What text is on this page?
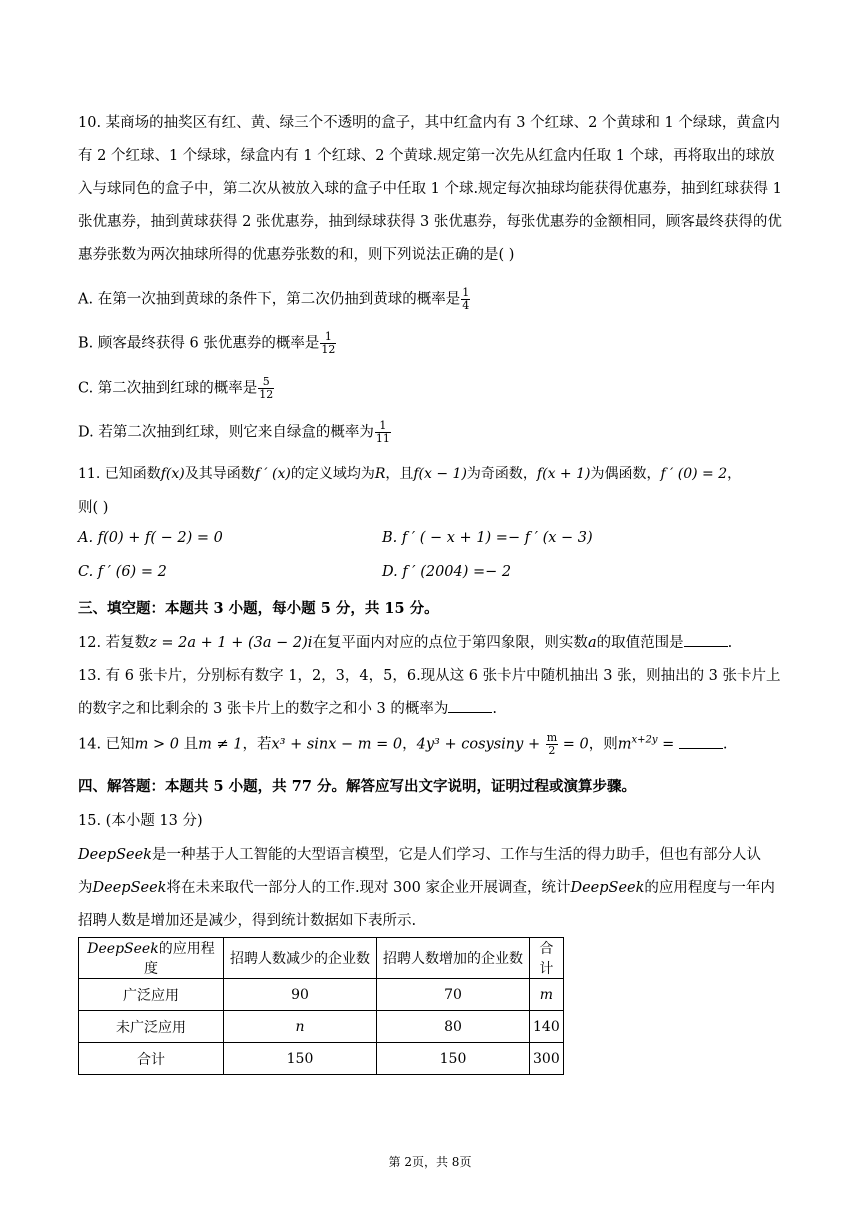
10. 某商场的抽奖区有红、黄、绿三个不透明的盒子，其中红盒内有 3 个红球、2 个黄球和 1 个绿球，黄盒内有 2 个红球、1 个绿球，绿盒内有 1 个红球、2 个黄球.规定第一次先从红盒内任取 1 个球，再将取出的球放入与球同色的盒子中，第二次从被放入球的盒子中任取 1 个球.规定每次抽球均能获得优惠券，抽到红球获得 1 张优惠券，抽到黄球获得 2 张优惠券，抽到绿球获得 3 张优惠券，每张优惠券的金额相同，顾客最终获得的优惠券张数为两次抽球所得的优惠券张数的和，则下列说法正确的是( )
A. 在第一次抽到黄球的条件下，第二次仍抽到黄球的概率是 $\frac{1}{4}$
B. 顾客最终获得 6 张优惠券的概率是 $\frac{1}{12}$
C. 第二次抽到红球的概率是 $\frac{5}{12}$
D. 若第二次抽到红球，则它来自绿盒的概率为 $\frac{1}{11}$
11. 已知函数f(x)及其导函数f ′ (x)的定义域均为R，且f(x − 1)为奇函数，f(x + 1)为偶函数，f ′ (0) = 2，
则( )
A. f(0) + f( − 2) = 0	B. f ′ ( − x + 1) =− f ′ (x − 3)
C. f ′ (6) = 2	D. f ′ (2004) =− 2
三、填空题：本题共 3 小题，每小题 5 分，共 15 分。
12. 若复数z = 2a + 1 + (3a − 2)i在复平面内对应的点位于第四象限，则实数a的取值范围是	.
13. 有 6 张卡片，分别标有数字 1，2，3，4，5，6.现从这 6 张卡片中随机抽出 3 张，则抽出的 3 张卡片上
的数字之和比剩余的 3 张卡片上的数字之和小 3 的概率为	.
14. 已知m > 0 且m ≠ 1，若x³ + sinx − m = 0，4y³ + cosysiny + $\frac{m}{2} = 0$，则$m^{x+2y}$ =	.
四、解答题：本题共 5 小题，共 77 分。解答应写出文字说明，证明过程或演算步骤。
15. (本小题 13 分)
DeepSeek是一种基于人工智能的大型语言模型，它是人们学习、工作与生活的得力助手，但也有部分人认
为DeepSeek将在未来取代一部分人的工作.现对 300 家企业开展调查，统计DeepSeek的应用程度与一年内
招聘人数是增加还是减少，得到统计数据如下表所示.
DeepSeek的应用程度	招聘人数减少的企业数	招聘人数增加的企业数	合计
广泛应用	90	70	m
未广泛应用	n	80	140
合计	150	150	300
第 2页，共 8页
